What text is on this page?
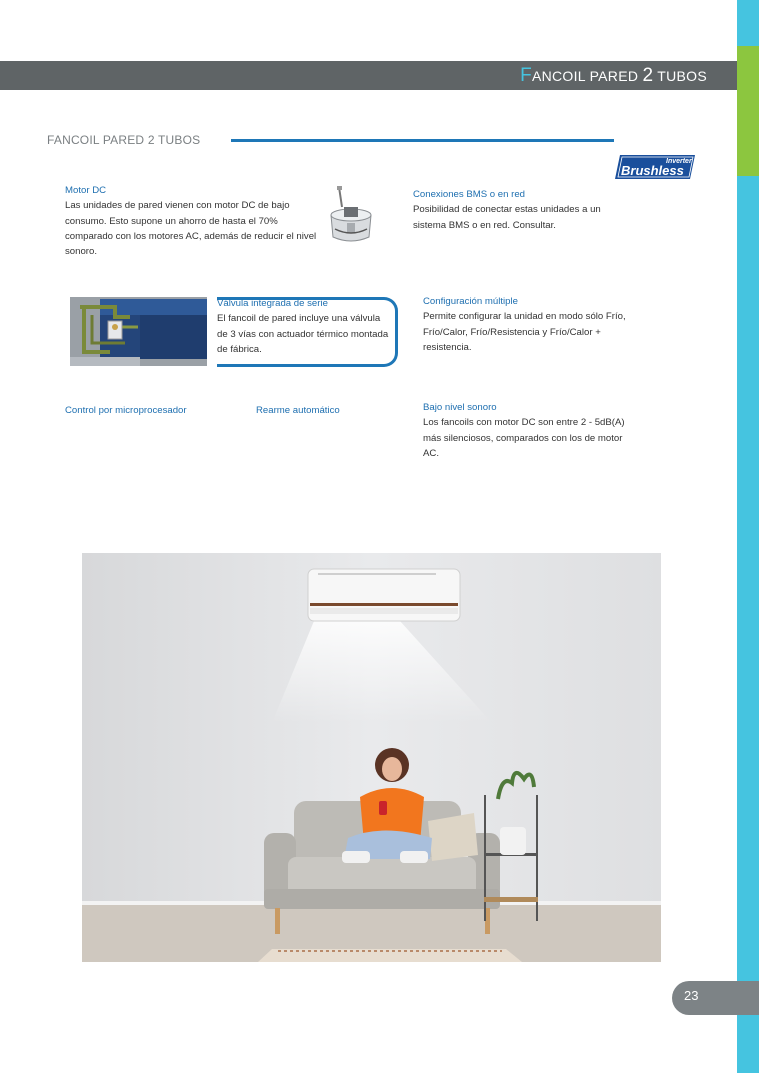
FANCOIL PARED 2 TUBOS
FANCOIL PARED 2 TUBOS
Inverter
Brushless
Motor DC
Las unidades de pared vienen con motor DC de bajo consumo. Esto supone un ahorro de hasta el 70% comparado con los motores AC, además de reducir el nivel sonoro.
Conexiones BMS o en red
Posibilidad de conectar estas unidades a un sistema BMS o en red. Consultar.
Válvula integrada de serie
El fancoil de pared incluye una válvula de 3 vías con actuador térmico montada de fábrica.
Configuración múltiple
Permite configurar la unidad en modo sólo Frío, Frío/Calor, Frío/Resistencia y Frío/Calor + resistencia.
Control por microprocesador	Rearme automático	Bajo nivel sonoro
Los fancoils con motor DC son entre 2 - 5dB(A) más silenciosos, comparados con los de motor AC.
23
